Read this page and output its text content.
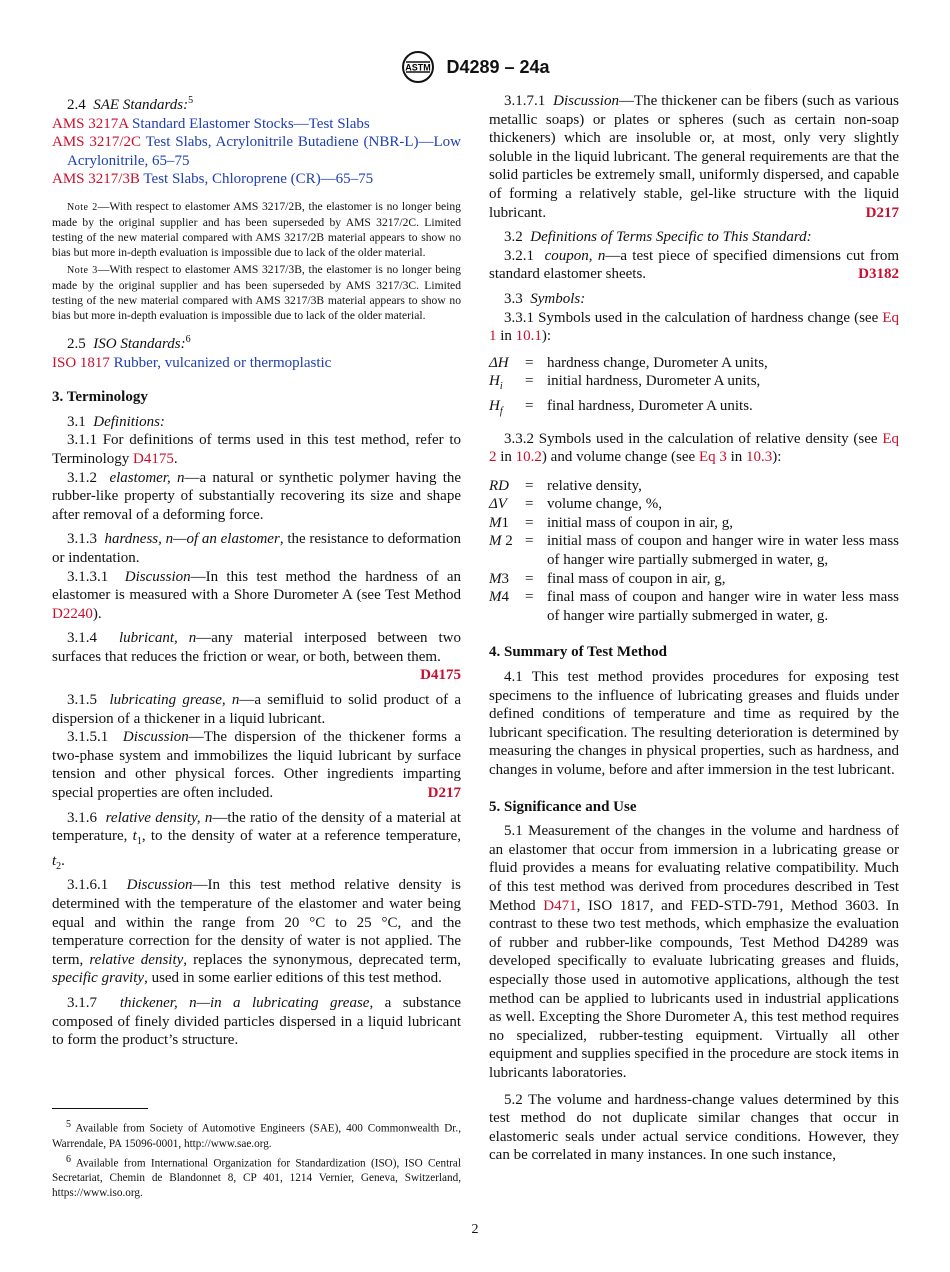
ASTM D4289 – 24a

2.4 SAE Standards:$^5$

AMS 3217A Standard Elastomer Stocks—Test Slabs

AMS 3217/2C Test Slabs, Acrylonitrile Butadiene (NBR-L)—Low Acrylonitrile, 65–75

AMS 3217/3B Test Slabs, Chloroprene (CR)—65–75

Note 2—With respect to elastomer AMS 3217/2B, the elastomer is no longer being made by the original supplier and has been superseded by AMS 3217/2C. Limited testing of the new material compared with AMS 3217/2B material appears to show no bias but more in-depth evaluation is impossible due to lack of the older material.

Note 3—With respect to elastomer AMS 3217/3B, the elastomer is no longer being made by the original supplier and has been superseded by AMS 3217/3C. Limited testing of the new material compared with AMS 3217/3B material appears to show no bias but more in-depth evaluation is impossible due to lack of the older material.

2.5 ISO Standards:$^6$

ISO 1817 Rubber, vulcanized or thermoplastic

3. Terminology

3.1 Definitions:

3.1.1 For definitions of terms used in this test method, refer to Terminology D4175.

3.1.2 elastomer, n—a natural or synthetic polymer having the rubber-like property of substantially recovering its size and shape after removal of a deforming force.

3.1.3 hardness, n—of an elastomer, the resistance to deformation or indentation.

3.1.3.1 Discussion—In this test method the hardness of an elastomer is measured with a Shore Durometer A (see Test Method D2240).

3.1.4 lubricant, n—any material interposed between two surfaces that reduces the friction or wear, or both, between them.
D4175

3.1.5 lubricating grease, n—a semifluid to solid product of a dispersion of a thickener in a liquid lubricant.

3.1.5.1 Discussion—The dispersion of the thickener forms a two-phase system and immobilizes the liquid lubricant by surface tension and other physical forces. Other ingredients imparting special properties are often included.	D217

3.1.6 relative density, n—the ratio of the density of a material at temperature, $t_1$, to the density of water at a reference temperature, $t_2$.

3.1.6.1 Discussion—In this test method relative density is determined with the temperature of the elastomer and water being equal and within the range from 20 °C to 25 °C, and the temperature correction for the density of water is not applied. The term, relative density, replaces the synonymous, deprecated term, specific gravity, used in some earlier editions of this test method.

3.1.7 thickener, n—in a lubricating grease, a substance composed of finely divided particles dispersed in a liquid lubricant to form the product’s structure.

3.1.7.1 Discussion—The thickener can be fibers (such as various metallic soaps) or plates or spheres (such as certain non-soap thickeners) which are insoluble or, at most, only very slightly soluble in the liquid lubricant. The general requirements are that the solid particles be extremely small, uniformly dispersed, and capable of forming a relatively stable, gel-like structure with the liquid lubricant.	D217

3.2 Definitions of Terms Specific to This Standard:

3.2.1 coupon, n—a test piece of specified dimensions cut from standard elastomer sheets.	D3182

3.3 Symbols:

3.3.1 Symbols used in the calculation of hardness change (see Eq 1 in 10.1):

ΔH	= hardness change, Durometer A units,
$H_i$	= initial hardness, Durometer A units,
$H_f$	= final hardness, Durometer A units.

3.3.2 Symbols used in the calculation of relative density (see Eq 2 in 10.2) and volume change (see Eq 3 in 10.3):

RD	= relative density,
ΔV	= volume change, %,
M1	= initial mass of coupon in air, g,
M 2 = initial mass of coupon and hanger wire in water less mass of hanger wire partially submerged in water, g,
M3	= final mass of coupon in air, g,
M4	= final mass of coupon and hanger wire in water less mass of hanger wire partially submerged in water, g.

4. Summary of Test Method

4.1 This test method provides procedures for exposing test specimens to the influence of lubricating greases and fluids under defined conditions of temperature and time as required by the lubricant specification. The resulting deterioration is determined by measuring the changes in physical properties, such as hardness, and changes in volume, before and after immersion in the test lubricant.

5. Significance and Use

5.1 Measurement of the changes in the volume and hardness of an elastomer that occur from immersion in a lubricating grease or fluid provides a means for evaluating relative compatibility. Much of this test method was derived from procedures described in Test Method D471, ISO 1817, and FED-STD-791, Method 3603. In contrast to these two test methods, which emphasize the evaluation of rubber and rubber-like compounds, Test Method D4289 was developed specifically to evaluate lubricating greases and fluids, especially those used in automotive applications, although the test method can be applied to lubricants used in industrial applications as well. Excepting the Shore Durometer A, this test method requires no specialized, rubber-testing equipment. Virtually all other equipment and supplies specified in the procedure are stock items in lubricants laboratories.

5.2 The volume and hardness-change values determined by this test method do not duplicate similar changes that occur in elastomeric seals under actual service conditions. However, they can be correlated in many instances. In one such instance,

$^5$ Available from Society of Automotive Engineers (SAE), 400 Commonwealth Dr., Warrendale, PA 15096-0001, http://www.sae.org.

$^6$ Available from International Organization for Standardization (ISO), ISO Central Secretariat, Chemin de Blandonnet 8, CP 401, 1214 Vernier, Geneva, Switzerland, https://www.iso.org.

2
